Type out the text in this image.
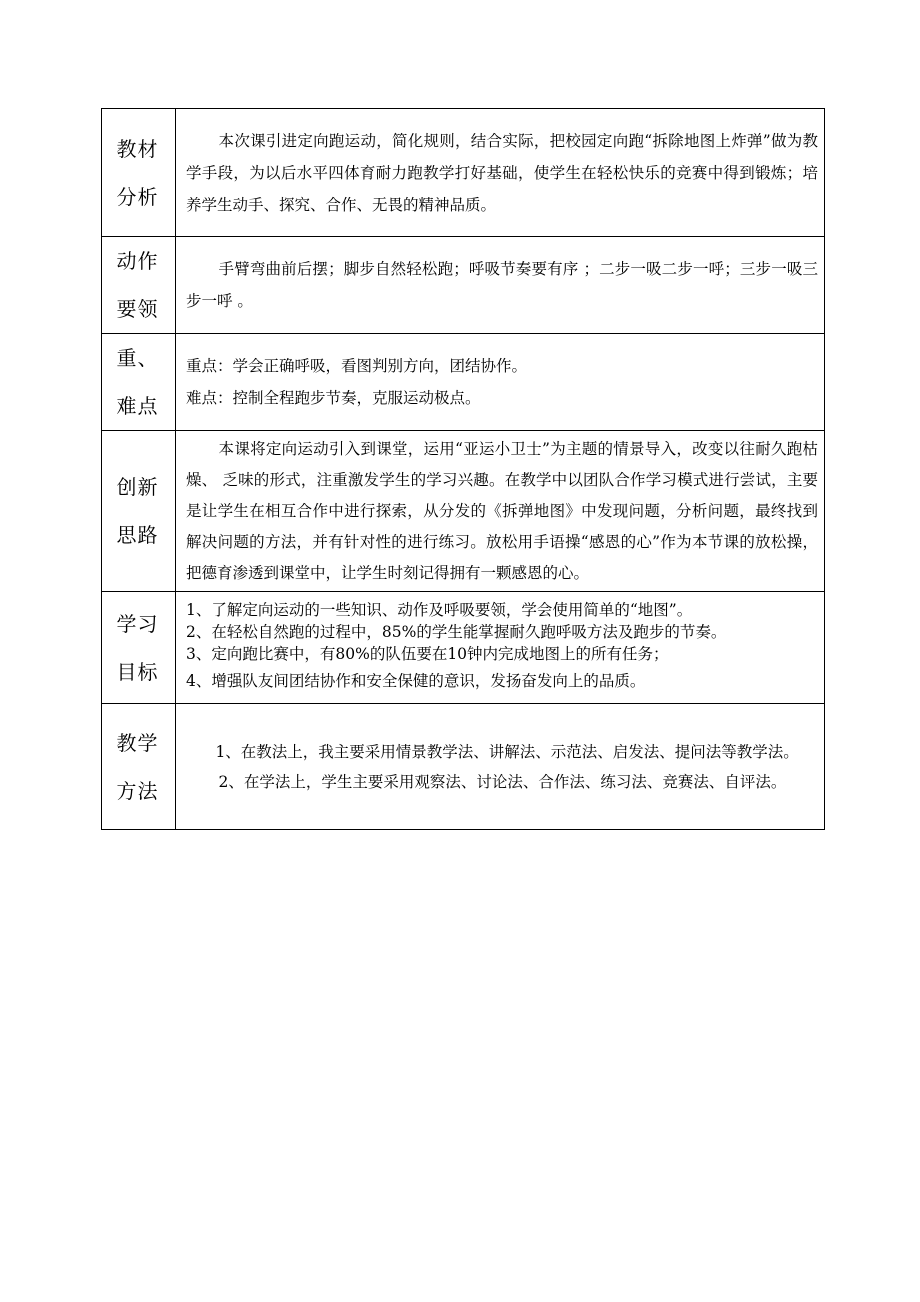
教材分析	本次课引进定向跑运动，简化规则，结合实际，把校园定向跑“拆除地图上炸弹”做为教学手段，为以后水平四体育耐力跑教学打好基础，使学生在轻松快乐的竞赛中得到锻炼；培养学生动手、探究、合作、无畏的精神品质。

动作要领	手臂弯曲前后摆；脚步自然轻松跑；呼吸节奏要有序 ；二步一吸二步一呼；三步一吸三步一呼 。

重、难点	重点：学会正确呼吸，看图判别方向，团结协作。

难点：控制全程跑步节奏，克服运动极点。

创新思路	本课将定向运动引入到课堂，运用“亚运小卫士”为主题的情景导入，改变以往耐久跑枯燥、 乏味的形式，注重激发学生的学习兴趣。在教学中以团队合作学习模式进行尝试，主要是让学生在相互合作中进行探索，从分发的《拆弹地图》中发现问题，分析问题，最终找到解决问题的方法，并有针对性的进行练习。放松用手语操“感恩的心”作为本节课的放松操，把德育渗透到课堂中，让学生时刻记得拥有一颗感恩的心。

学习目标	1、了解定向运动的一些知识、动作及呼吸要领，学会使用简单的“地图”。

2、在轻松自然跑的过程中，85%的学生能掌握耐久跑呼吸方法及跑步的节奏。

3、定向跑比赛中，有80%的队伍要在10钟内完成地图上的所有任务；

4、增强队友间团结协作和安全保健的意识，发扬奋发向上的品质。

教学方法	1、在教法上，我主要采用情景教学法、讲解法、示范法、启发法、提问法等教学法。

2、在学法上，学生主要采用观察法、讨论法、合作法、练习法、竞赛法、自评法。
